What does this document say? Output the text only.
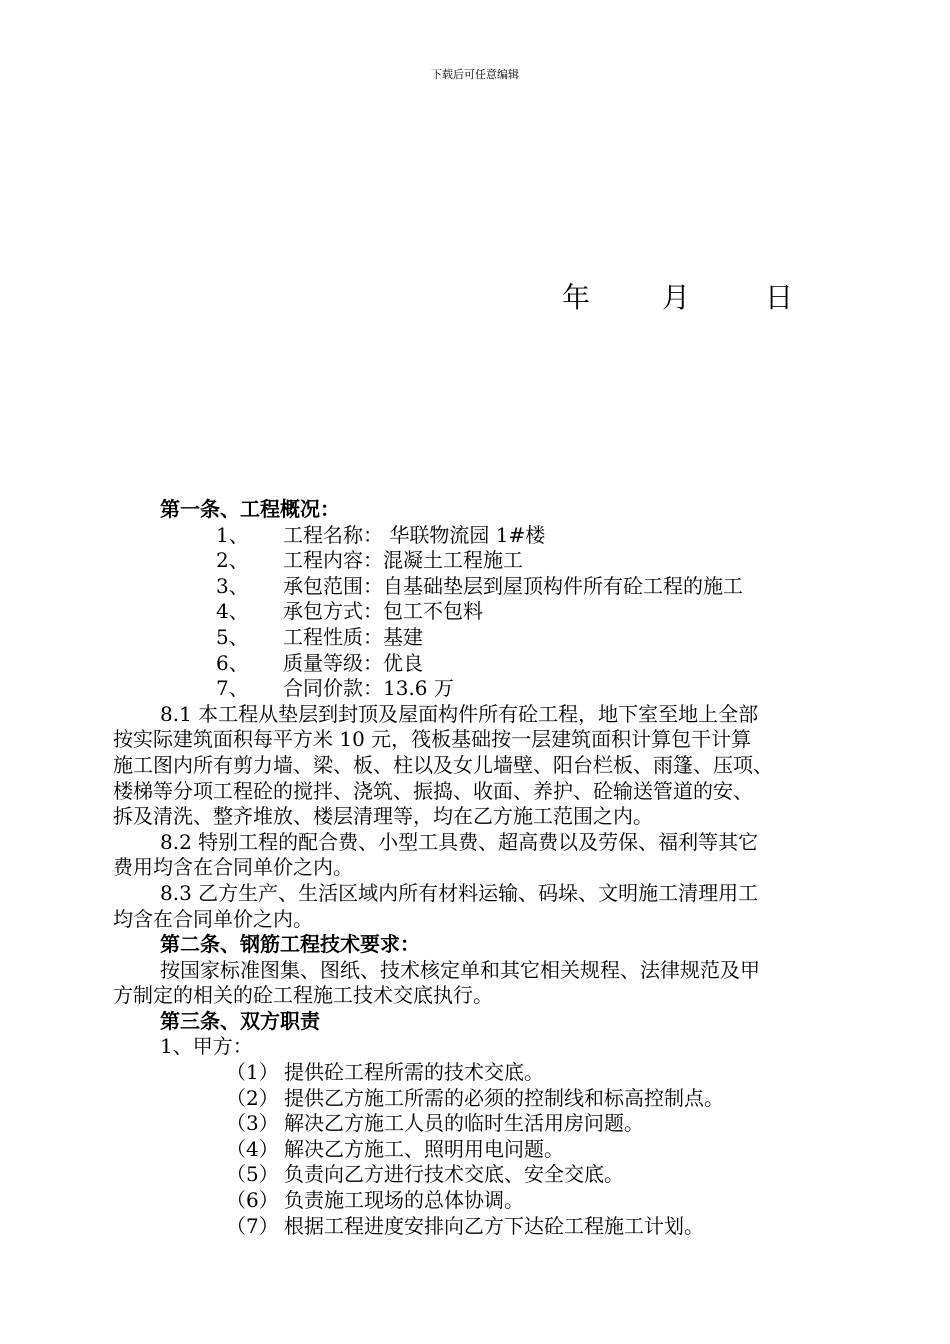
下载后可任意编辑
年	月	日
第一条、工程概况：
1、 工程名称： 华联物流园 1#楼
2、 工程内容：混凝土工程施工
3、 承包范围：自基础垫层到屋顶构件所有砼工程的施工
4、 承包方式：包工不包料
5、 工程性质：基建
6、 质量等级：优良
7、 合同价款：13.6 万
8.1 本工程从垫层到封顶及屋面构件所有砼工程，地下室至地上全部
按实际建筑面积每平方米 10 元，筏板基础按一层建筑面积计算包干计算
施工图内所有剪力墙、梁、板、柱以及女儿墙壁、阳台栏板、雨篷、压项、
楼梯等分项工程砼的搅拌、浇筑、振捣、收面、养护、砼输送管道的安、
拆及清洗、整齐堆放、楼层清理等，均在乙方施工范围之内。
8.2 特别工程的配合费、小型工具费、超高费以及劳保、福利等其它
费用均含在合同单价之内。
8.3 乙方生产、生活区域内所有材料运输、码垛、文明施工清理用工
均含在合同单价之内。
第二条、钢筋工程技术要求：
按国家标准图集、图纸、技术核定单和其它相关规程、法律规范及甲
方制定的相关的砼工程施工技术交底执行。
第三条、双方职责
1、甲方：
（1） 提供砼工程所需的技术交底。
（2） 提供乙方施工所需的必须的控制线和标高控制点。
（3） 解决乙方施工人员的临时生活用房问题。
（4） 解决乙方施工、照明用电问题。
（5） 负责向乙方进行技术交底、安全交底。
（6） 负责施工现场的总体协调。
（7） 根据工程进度安排向乙方下达砼工程施工计划。
